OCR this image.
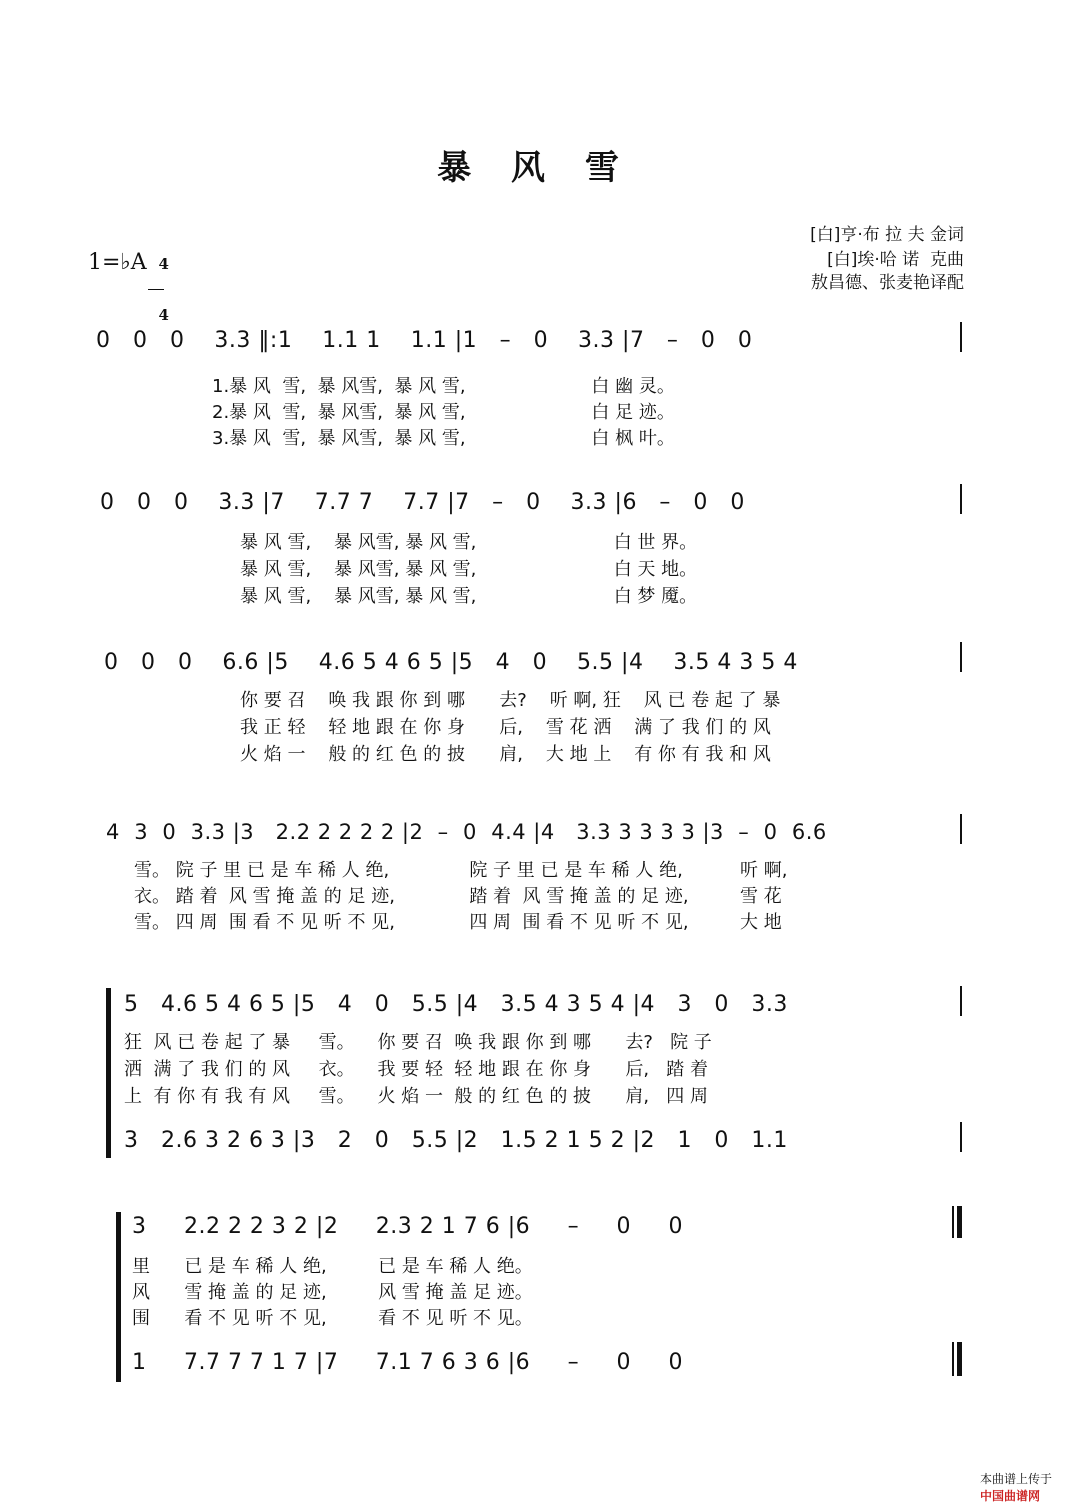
暴 风 雪
[白]亨·布 拉 夫 金词
[白]埃·哈 诺  克曲
敖昌德、张麦艳译配
1=♭A 4

4

0   0   0    3.3 ‖:1    1.1 1    1.1 |1   –   0    3.3 |7   –   0   0
1.暴 风  雪,  暴 风雪,  暴 风 雪,                      白 幽 灵。
2.暴 风  雪,  暴 风雪,  暴 风 雪,                      白 足 迹。
3.暴 风  雪,  暴 风雪,  暴 风 雪,                      白 枫 叶。
0   0   0    3.3 |7    7.7 7    7.7 |7   –   0    3.3 |6   –   0   0
暴 风 雪,    暴 风雪, 暴 风 雪,                        白 世 界。
暴 风 雪,    暴 风雪, 暴 风 雪,                        白 天 地。
暴 风 雪,    暴 风雪, 暴 风 雪,                        白 梦 魇。
0   0   0    6.6 |5    4.6 5 4 6 5 |5   4   0    5.5 |4    3.5 4 3 5 4
你 要 召    唤 我 跟 你 到 哪      去?    听 啊, 狂    风 已 卷 起 了 暴
我 正 轻    轻 地 跟 在 你 身      后,    雪 花 洒    满 了 我 们 的 风
火 焰 一    般 的 红 色 的 披      肩,    大 地 上    有 你 有 我 和 风
4  3  0  3.3 |3   2.2 2 2 2 2 |2  –  0  4.4 |4   3.3 3 3 3 3 |3  –  0  6.6
雪。 院 子 里 已 是 车 稀 人 绝,              院 子 里 已 是 车 稀 人 绝,          听 啊,
衣。 踏 着  风 雪 掩 盖 的 足 迹,             踏 着  风 雪 掩 盖 的 足 迹,         雪 花
雪。 四 周  围 看 不 见 听 不 见,             四 周  围 看 不 见 听 不 见,         大 地
5   4.6 5 4 6 5 |5   4   0   5.5 |4   3.5 4 3 5 4 |4   3   0   3.3
狂  风 已 卷 起 了 暴     雪。    你 要 召  唤 我 跟 你 到 哪      去?   院 子
洒  满 了 我 们 的 风     衣。    我 要 轻  轻 地 跟 在 你 身      后,   踏 着
上  有 你 有 我 有 风     雪。    火 焰 一  般 的 红 色 的 披      肩,   四 周
3   2.6 3 2 6 3 |3   2   0   5.5 |2   1.5 2 1 5 2 |2   1   0   1.1
3     2.2 2 2 3 2 |2     2.3 2 1 7 6 |6     –     0     0
里      已 是 车 稀 人 绝,         已 是 车 稀 人 绝。
风      雪 掩 盖 的 足 迹,         风 雪 掩 盖 足 迹。
围      看 不 见 听 不 见,         看 不 见 听 不 见。
1     7.7 7 7 1 7 |7     7.1 7 6 3 6 |6     –     0     0

本曲谱上传于
中国曲谱网
